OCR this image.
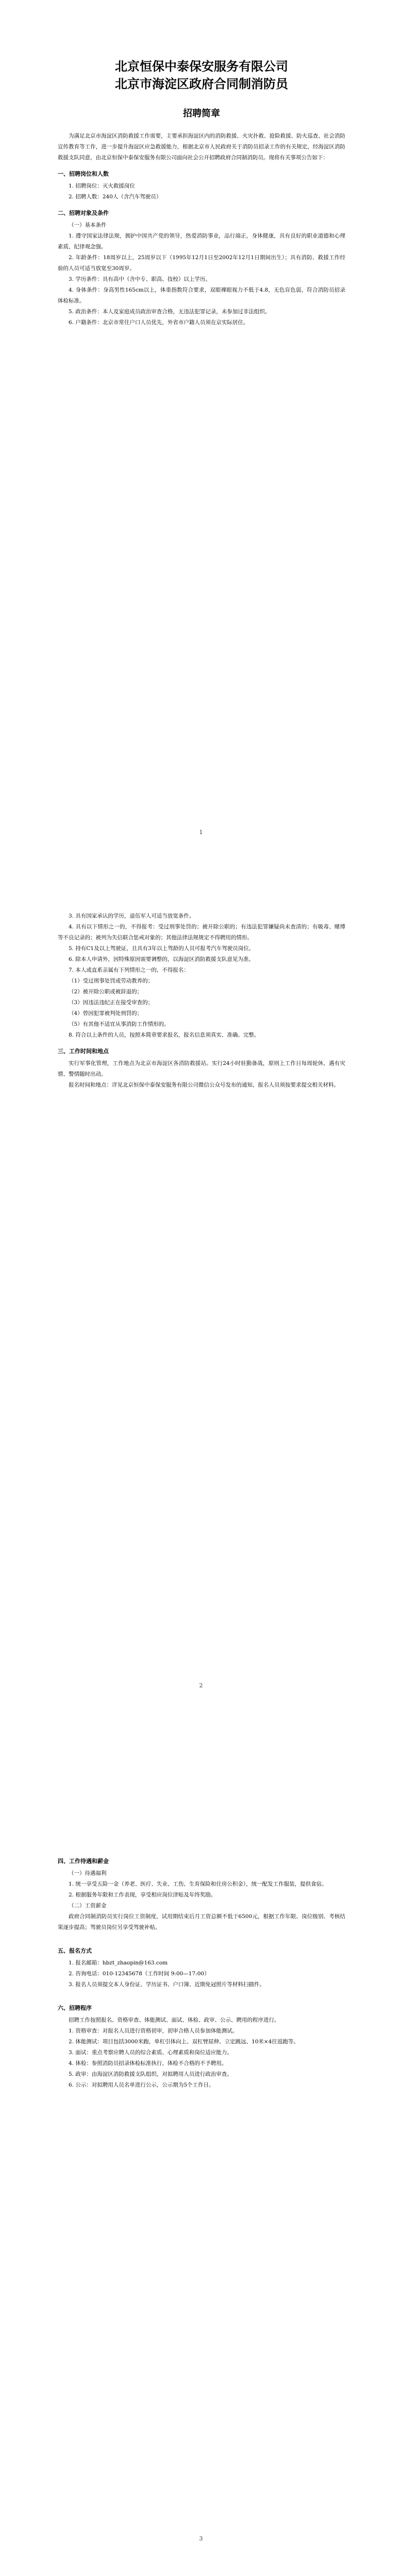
北京恒保中泰保安服务有限公司
北京市海淀区政府合同制消防员
招聘简章

为满足北京市海淀区消防救援工作需要，主要承担海淀区内的消防救援、火灾扑救、抢险救援、防火巡查、社会消防宣传教育等工作，进一步提升海淀区应急救援能力，根据北京市人民政府关于消防员招录工作的有关规定，经海淀区消防救援支队同意，由北京恒保中泰保安服务有限公司面向社会公开招聘政府合同制消防员。现将有关事项公告如下：

一、招聘岗位和人数

1. 招聘岗位：灭火救援岗位

2. 招聘人数：240人（含汽车驾驶员）

二、招聘对象及条件

（一）基本条件

1. 遵守国家法律法规，拥护中国共产党的领导，热爱消防事业，品行端正，身体健康，具有良好的职业道德和心理素质，纪律观念强。

2. 年龄条件：18周岁以上，25周岁以下（1995年12月1日至2002年12月1日期间出生）；具有消防、救援工作经验的人员可适当放宽至30周岁。

3. 学历条件：具有高中（含中专、职高、技校）以上学历。

4. 身体条件：身高男性165cm以上，体重指数符合要求，双眼裸眼视力不低于4.8，无色盲色弱，符合消防员招录体检标准。

5. 政治条件：本人及家庭成员政治审查合格，无违法犯罪记录，未参加过非法组织。

6. 户籍条件：北京市常住户口人员优先，外省市户籍人员须在京实际居住。

1

3. 具有国家承认的学历，退伍军人可适当放宽条件。

4. 具有以下情形之一的，不得报考：受过刑事处罚的；被开除公职的；有违法犯罪嫌疑尚未查清的；有吸毒、赌博等不良记录的；被列为失信联合惩戒对象的；其他法律法规规定不得聘用的情形。

5. 持有C1及以上驾驶证，且具有3年以上驾龄的人员可报考汽车驾驶员岗位。

6. 除本人申请外，因特殊原因需要调整的，以海淀区消防救援支队意见为准。

7. 本人或直系亲属有下列情形之一的，不得报名：

（1）受过刑事处罚或劳动教养的；

（2）被开除公职或被辞退的；

（3）因违法违纪正在接受审查的；

（4）曾因犯罪被判处刑罚的；

（5）有其他不适宜从事消防工作情形的。

8. 符合以上条件的人员，按照本简章要求报名，报名信息须真实、准确、完整。

三、工作时间和地点

实行军事化管理，工作地点为北京市海淀区各消防救援站。实行24小时驻勤备战，原则上工作日每周轮休，遇有灾情、警情随时出动。

报名时间和地点：详见北京恒保中泰保安服务有限公司微信公众号发布的通知，报名人员须按要求提交相关材料。

2
四、工作待遇和薪金

（一）待遇福利

1. 统一享受五险一金（养老、医疗、失业、工伤、生育保险和住房公积金），统一配发工作服装，提供食宿。

2. 根据服务年限和工作表现，享受相应岗位津贴及年终奖励。

（二）工资薪金

政府合同制消防员实行岗位工资制度，试用期结束后月工资总额不低于6500元，根据工作年限、岗位级别、考核结果逐步提高；驾驶员岗位另享受驾驶补贴。

五、报名方式

1. 报名邮箱：hbzt_zhaopin@163.com

2. 咨询电话：010-12345678（工作时间 9:00—17:00）

3. 报名人员须提交本人身份证、学历证书、户口簿、近期免冠照片等材料扫描件。

六、招聘程序

招聘工作按照报名、资格审查、体能测试、面试、体检、政审、公示、聘用的程序进行。

1. 资格审查：对报名人员进行资格初审，初审合格人员参加体能测试。

2. 体能测试：项目包括3000米跑、单杠引体向上、双杠臂屈伸、立定跳远、10米×4往返跑等。

3. 面试：重点考察应聘人员的综合素质、心理素质和岗位适应能力。

4. 体检：参照消防员招录体检标准执行，体检不合格的不予聘用。

5. 政审：由海淀区消防救援支队组织，对拟聘用人员进行政治审查。

6. 公示：对拟聘用人员名单进行公示，公示期为5个工作日。

3
